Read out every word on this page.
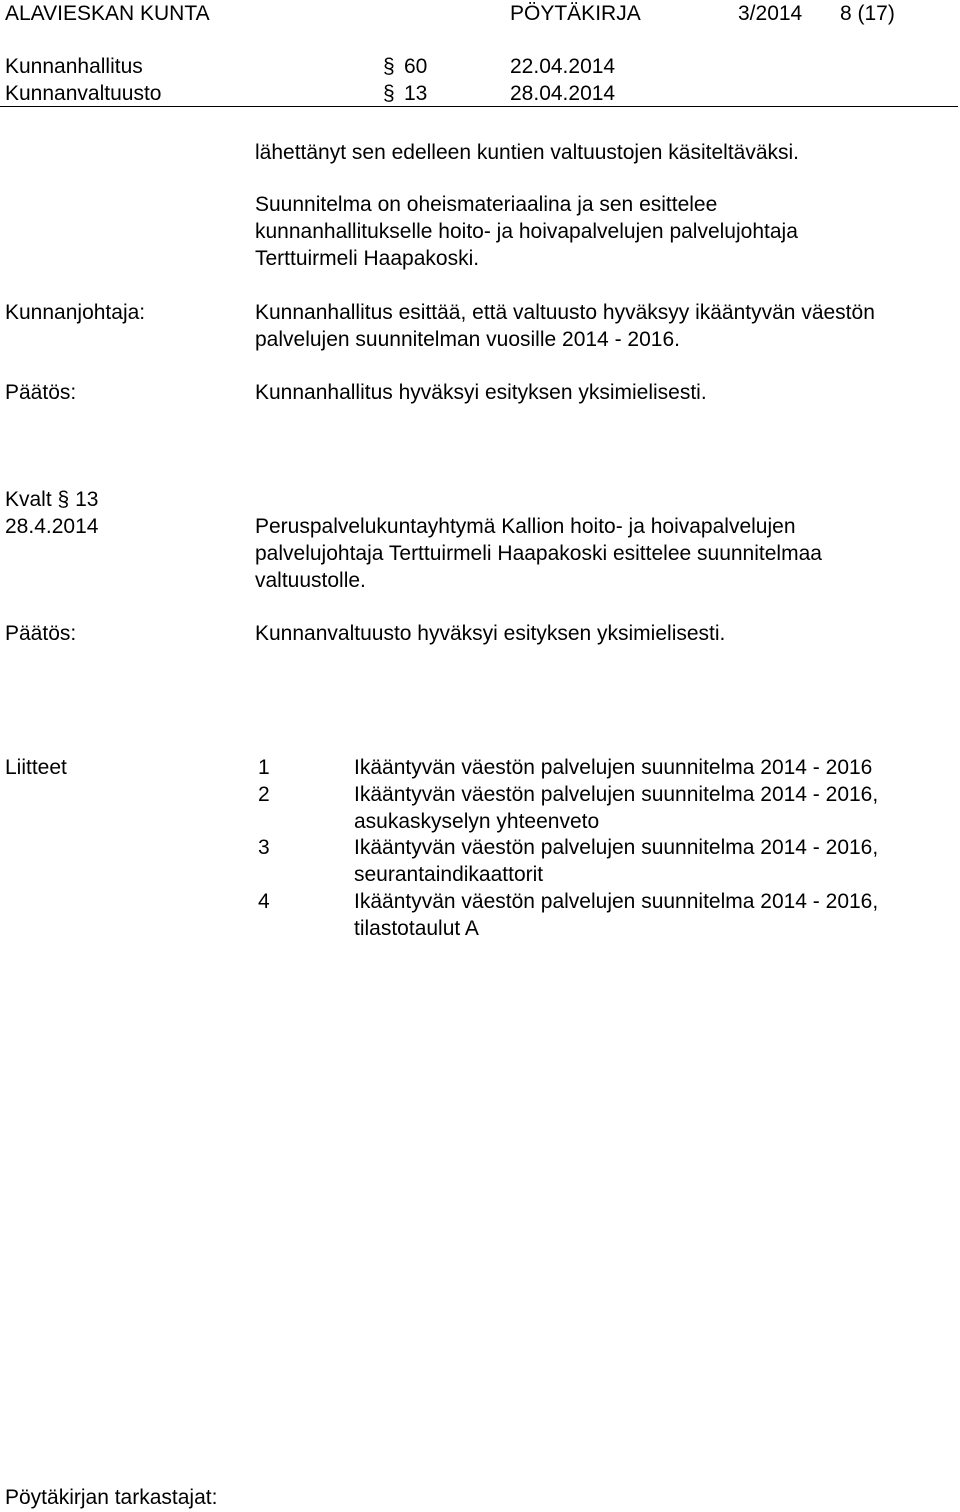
ALAVIESKAN KUNTA	PÖYTÄKIRJA	3/2014 8 (17)
Kunnanhallitus	§ 60	22.04.2014
Kunnanvaltuusto	§ 13	28.04.2014
lähettänyt sen edelleen kuntien valtuustojen käsiteltäväksi.
Suunnitelma on oheismateriaalina ja sen esittelee
kunnanhallitukselle hoito- ja hoivapalvelujen palvelujohtaja
Terttuirmeli Haapakoski.
Kunnanjohtaja:	Kunnanhallitus esittää, että valtuusto hyväksyy ikääntyvän väestön
palvelujen suunnitelman vuosille 2014 - 2016.
Päätös:	Kunnanhallitus hyväksyi esityksen yksimielisesti.
Kvalt § 13
28.4.2014	Peruspalvelukuntayhtymä Kallion hoito- ja hoivapalvelujen
palvelujohtaja Terttuirmeli Haapakoski esittelee suunnitelmaa
valtuustolle.
Päätös:	Kunnanvaltuusto hyväksyi esityksen yksimielisesti.
Liitteet	1	Ikääntyvän väestön palvelujen suunnitelma 2014 - 2016
2	Ikääntyvän väestön palvelujen suunnitelma 2014 - 2016,
asukaskyselyn yhteenveto
3	Ikääntyvän väestön palvelujen suunnitelma 2014 - 2016,
seurantaindikaattorit
4	Ikääntyvän väestön palvelujen suunnitelma 2014 - 2016,
tilastotaulut A
Pöytäkirjan tarkastajat:
